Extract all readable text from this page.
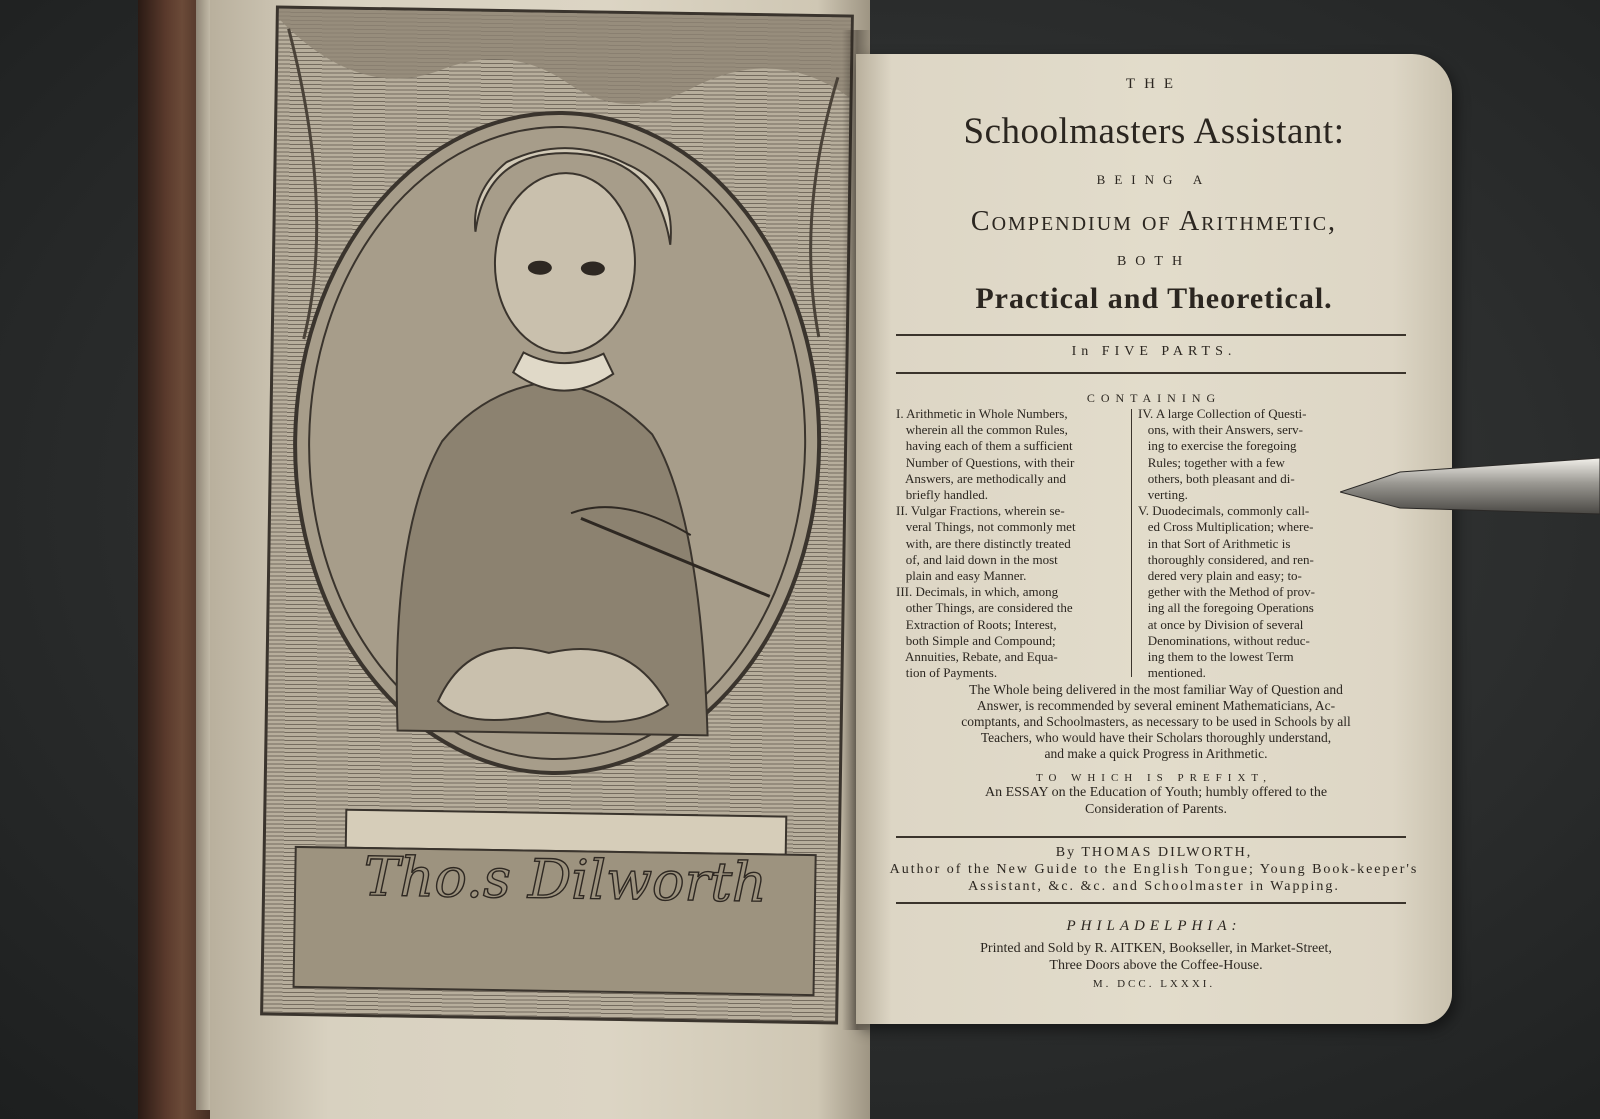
Tho.s Dilworth
THE
Schoolmasters Assistant:
BEING A
Compendium of Arithmetic,
BOTH
Practical and Theoretical.
In FIVE PARTS.
CONTAINING
I. Arithmetic in Whole Numbers,
wherein all the common Rules,
having each of them a sufficient
Number of Questions, with their
Answers, are methodically and
briefly handled.
II. Vulgar Fractions, wherein se-
veral Things, not commonly met
with, are there distinctly treated
of, and laid down in the most
plain and easy Manner.
III. Decimals, in which, among
other Things, are considered the
Extraction of Roots; Interest,
both Simple and Compound;
Annuities, Rebate, and Equa-
tion of Payments.
IV. A large Collection of Questi-
ons, with their Answers, serv-
ing to exercise the foregoing
Rules; together with a few
others, both pleasant and di-
verting.
V. Duodecimals, commonly call-
ed Cross Multiplication; where-
in that Sort of Arithmetic is
thoroughly considered, and ren-
dered very plain and easy; to-
gether with the Method of prov-
ing all the foregoing Operations
at once by Division of several
Denominations, without reduc-
ing them to the lowest Term
mentioned.
The Whole being delivered in the most familiar Way of Question and
Answer, is recommended by several eminent Mathematicians, Ac-
comptants, and Schoolmasters, as necessary to be used in Schools by all
Teachers, who would have their Scholars thoroughly understand,
and make a quick Progress in Arithmetic.
TO WHICH IS PREFIXT,
An ESSAY on the Education of Youth; humbly offered to the
Consideration of Parents.
By THOMAS DILWORTH,
Author of the New Guide to the English Tongue; Young Book-keeper's
Assistant, &c. &c. and Schoolmaster in Wapping.
PHILADELPHIA:
Printed and Sold by R. AITKEN, Bookseller, in Market-Street,
Three Doors above the Coffee-House.
M. DCC. LXXXI.
